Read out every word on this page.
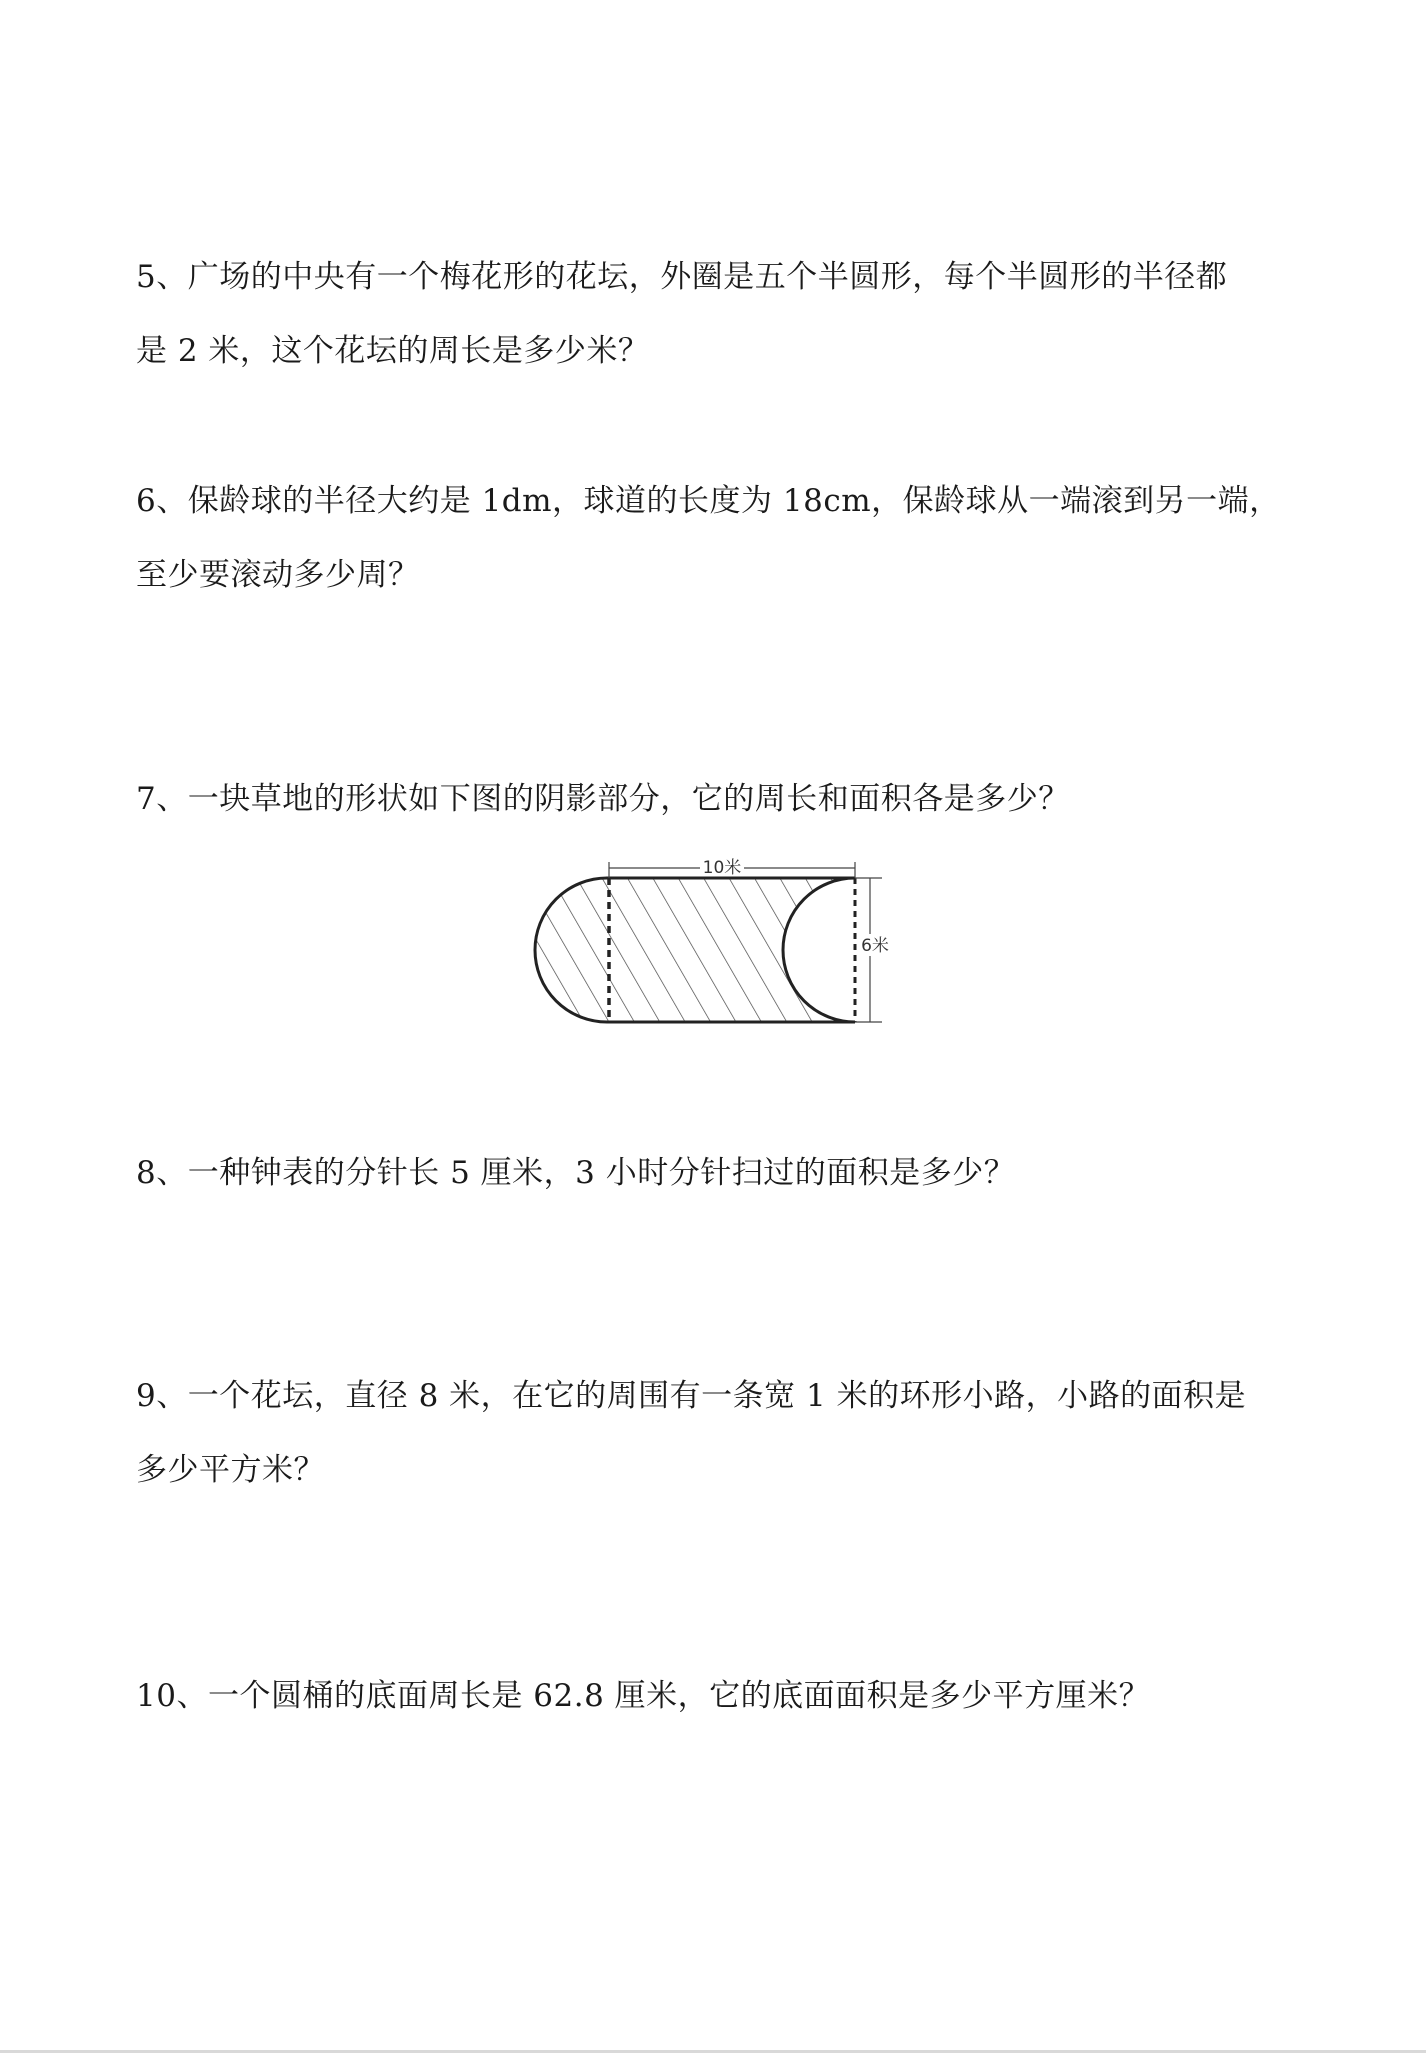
5、广场的中央有一个梅花形的花坛，外圈是五个半圆形，每个半圆形的半径都
是 2 米，这个花坛的周长是多少米？
6、保龄球的半径大约是 1dm，球道的长度为 18cm，保龄球从一端滚到另一端，
至少要滚动多少周？
7、一块草地的形状如下图的阴影部分，它的周长和面积各是多少？
10米
6米
8、一种钟表的分针长 5 厘米，3 小时分针扫过的面积是多少？
9、一个花坛，直径 8 米，在它的周围有一条宽 1 米的环形小路，小路的面积是
多少平方米？
10、一个圆桶的底面周长是 62.8 厘米，它的底面面积是多少平方厘米？
